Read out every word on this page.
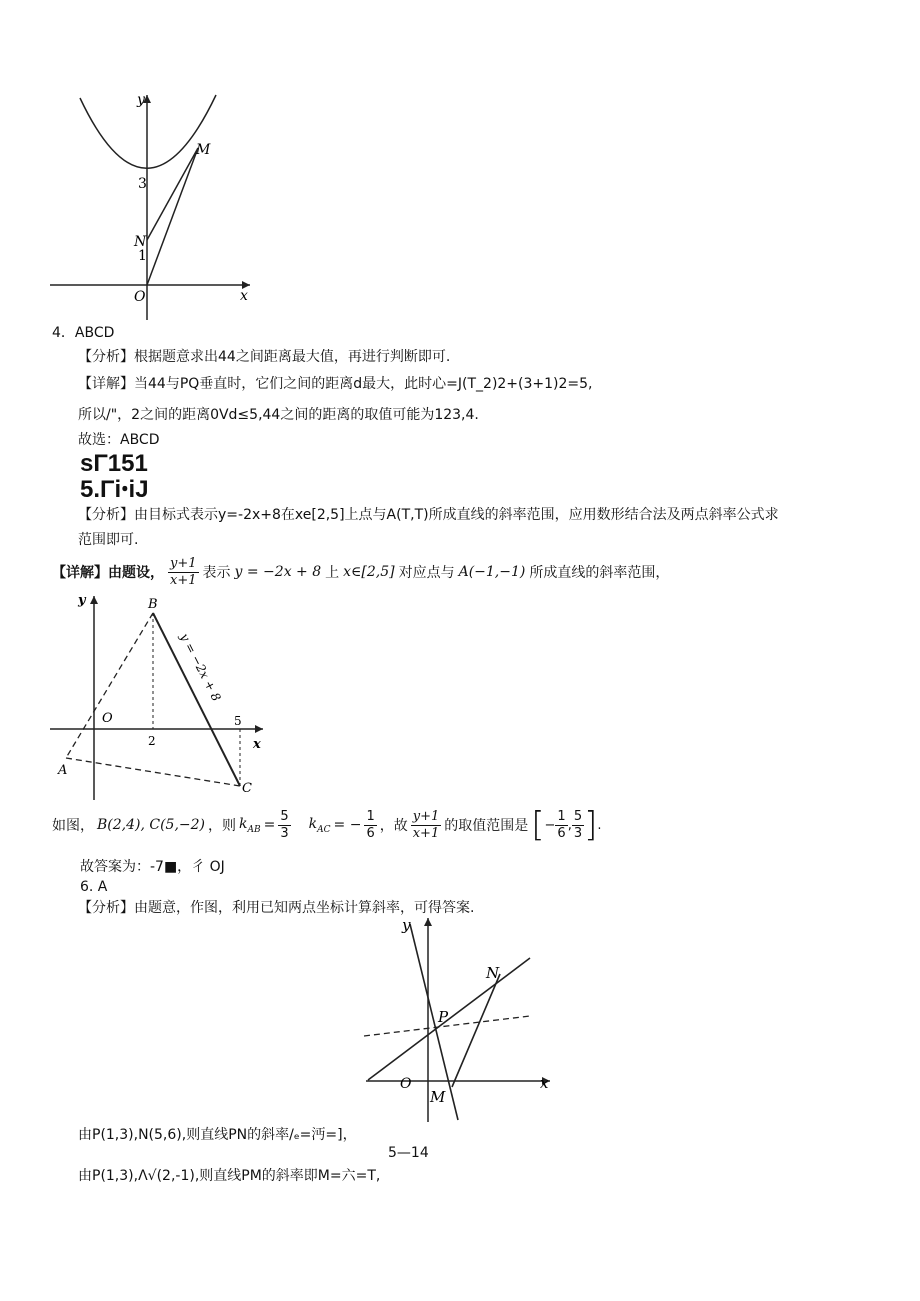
y
x
O
M
N
3
1
4．ABCD
【分析】根据题意求出44之间距离最大值，再进行判断即可.
【详解】当44与PQ垂直时，它们之间的距离d最大，此时心=J(T_2)2+(3+1)2=5,
所以/"，2之间的距离0Vd≤5,44之间的距离的取值可能为123,4.
故选：ABCD
sΓ151
5.ΓiꞏiJ
【分析】由目标式表示y=-2x+8在xe[2,5]上点与A(T,T)所成直线的斜率范围，应用数形结合法及两点斜率公式求
范围即可.
【详解】由题设， $\frac{y+1}{x+1}$ 表示 y = −2x + 8 上 x∈[2,5] 对应点与 A(−1,−1) 所成直线的斜率范围，
y
x
O
B
A
C
2
5
y = −2x + 8
如图， B(2,4), C(5,−2) ，则 $k_{AB} = \frac{5}{3} k_{AC}$ = − $\frac{1}{6}$ ，故 $\frac{y+1}{x+1}$ 的取值范围是 [ − $\frac{1}{6}$ , $\frac{5}{3}$ ] .
故答案为：-7■，彳 OJ
6. A
【分析】由题意，作图，利用已知两点坐标计算斜率，可得答案.
y
x
O
P
N
M
由P(1,3),N(5,6),则直线PN的斜率/ₑ=沔=]，
5—14
由P(1,3),Λ√(2,-1),则直线PM的斜率即M=六=T,
